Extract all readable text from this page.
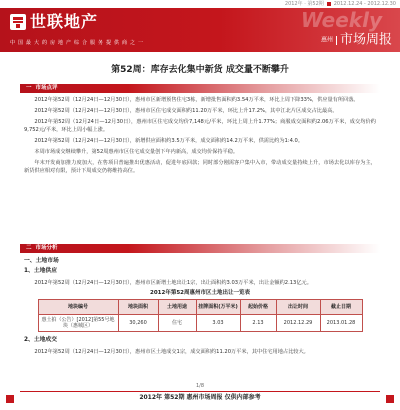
2012年 · 第52期 2012.12.24 - 2012.12.30
世联地产
中国最大的房地产综合服务提供商之一
Weekly
惠州 市场周报
第52周：库存去化集中新货 成交量不断攀升
一 市场点评

2012年第52周（12月24日—12月30日），惠州市区新增预售住宅3栋，新增批售面积约3.54万平米，环比上周下降33%，供应量有所回落。

2012年第52周（12月24日—12月30日），惠州市区住宅成交面积约11.20万平米，环比上升17.2%，其中江北片区成交占比最高。

2012年第52周（12月24日—12月30日），惠州市区住宅成交均价7,148元/平米，环比上周上升1.77%；商服成交面积约2.06万平米，成交均价约9,752元/平米，环比上周小幅上涨。

2012年第52周（12月24日—12月30日），新增供应面积约3.5万平米，成交面积约14.2万平米，供需比约为1:4.0。

本周市场成交继续攀升，第52周惠州市区住宅成交量创下年内新高，成交均价保持平稳。

年末开发商加推力度加大，在售项目普遍推出优惠活动，促进年底回款；同时部分刚需客户集中入市，带动成交量持续上升，市场去化以库存为主，新货供应相对有限，预计下周成交仍将维持高位。

二 市场分析
一、土地市场
1、土地供应

2012年第52周（12月24日—12月30日），惠州市区新增土地出让1宗，出让面积约3.03万平米，出让金额约2.13亿元。

2012年第52周惠州市区土地出让一览表
地块编号	地块面积	土地用途	挂牌面积(万平米)	起始价格	出让时间	截止日期
惠土拍（公告）[2012]第55号地块（惠城区）	30,260	住宅	3.03	2.13	2012.12.29	2013.01.28
2、土地成交

2012年第52周（12月24日—12月30日），惠州市区土地成交1宗，成交面积约11.20万平米，其中住宅用地占比较大。

1/8
2012年 第52期 惠州市场周报 仅供内部参考
